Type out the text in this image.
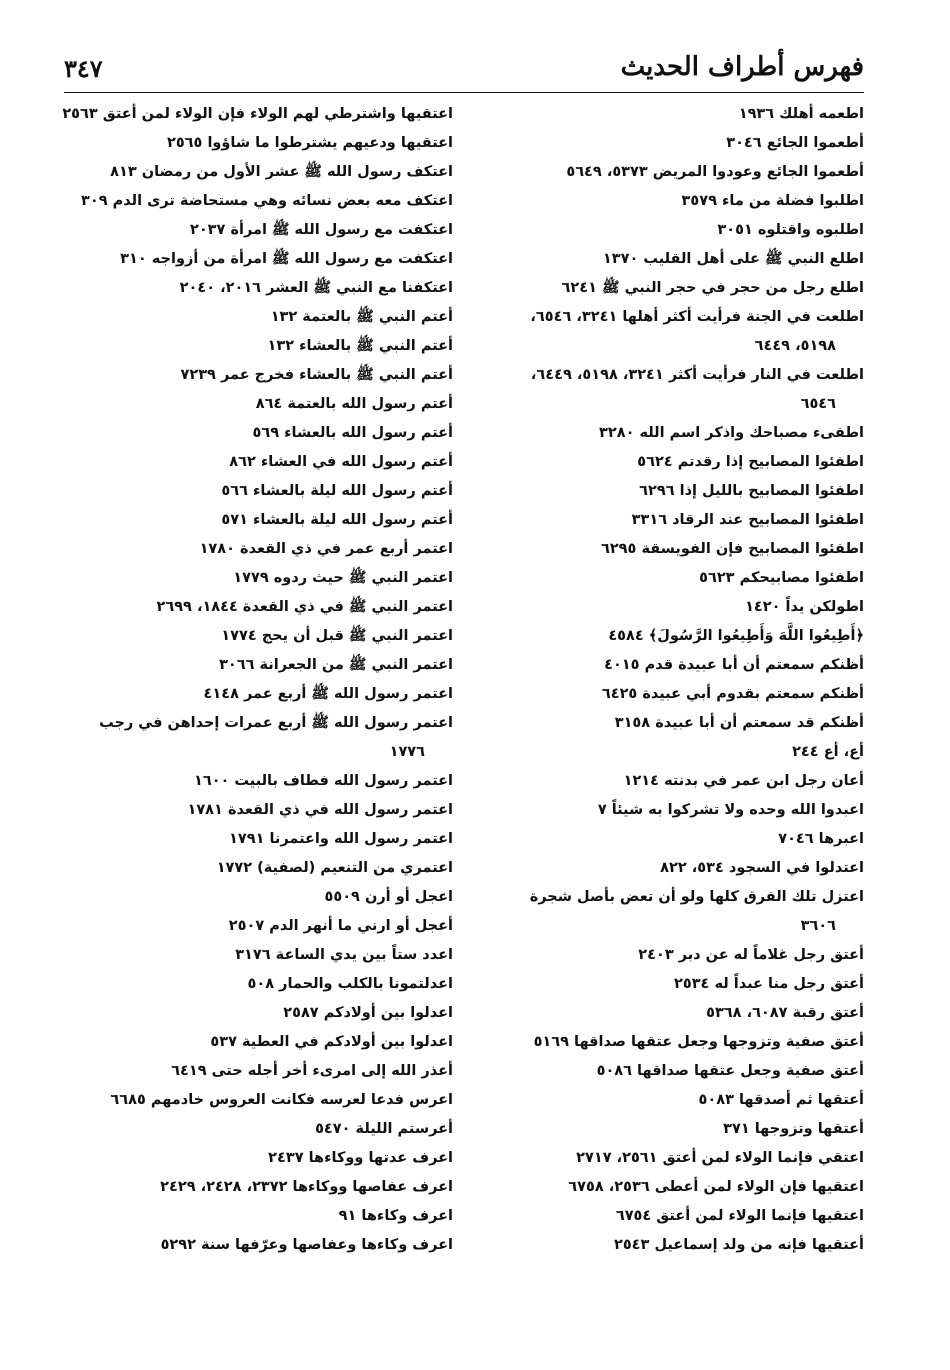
فهرس أطراف الحديث
٣٤٧
اطعمه أهلك ١٩٣٦
أطعموا الجائع ٣٠٤٦
أطعموا الجائع وعودوا المريض ٥٣٧٣، ٥٦٤٩
اطلبوا فضلة من ماء ٣٥٧٩
اطلبوه واقتلوه ٣٠٥١
اطلع النبي ﷺ على أهل القليب ١٣٧٠
اطلع رجل من حجر في حجر النبي ﷺ ٦٢٤١
اطلعت في الجنة فرأيت أكثر أهلها ٣٢٤١، ٦٥٤٦،
٥١٩٨، ٦٤٤٩
اطلعت في النار فرأيت أكثر ٣٢٤١، ٥١٩٨، ٦٤٤٩،
٦٥٤٦
اطفىء مصباحك واذكر اسم الله ٣٢٨٠
اطفئوا المصابيح إذا رقدتم ٥٦٢٤
اطفئوا المصابيح بالليل إذا ٦٢٩٦
اطفئوا المصابيح عند الرقاد ٣٣١٦
اطفئوا المصابيح فإن الفويسقة ٦٢٩٥
اطفئوا مصابيحكم ٥٦٢٣
اطولكن يداً ١٤٢٠
﴿أَطِيعُوا اللَّهَ وَأَطِيعُوا الرَّسُولَ﴾ ٤٥٨٤
أظنكم سمعتم أن أبا عبيدة قدم ٤٠١٥
أظنكم سمعتم بقدوم أبي عبيدة ٦٤٢٥
أظنكم قد سمعتم أن أبا عبيدة ٣١٥٨
أع، أع ٢٤٤
أعان رجل ابن عمر في بدنته ١٢١٤
اعبدوا الله وحده ولا تشركوا به شيئاً ٧
اعبرها ٧٠٤٦
اعتدلوا في السجود ٥٣٤، ٨٢٢
اعتزل تلك الفرق كلها ولو أن تعض بأصل شجرة
٣٦٠٦
أعتق رجل غلاماً له عن دبر ٢٤٠٣
أعتق رجل منا عبداً له ٢٥٣٤
أعتق رقبة ٦٠٨٧، ٥٣٦٨
أعتق صفية وتزوجها وجعل عتقها صداقها ٥١٦٩
أعتق صفية وجعل عتقها صداقها ٥٠٨٦
أعتقها ثم أصدقها ٥٠٨٣
أعتقها وتزوجها ٣٧١
اعتقي فإنما الولاء لمن أعتق ٢٥٦١، ٢٧١٧
اعتقيها فإن الولاء لمن أعطى ٢٥٣٦، ٦٧٥٨
اعتقيها فإنما الولاء لمن أعتق ٦٧٥٤
أعتقيها فإنه من ولد إسماعيل ٢٥٤٣
اعتقيها واشترطي لهم الولاء فإن الولاء لمن أعتق ٢٥٦٣
اعتقيها ودعيهم يشترطوا ما شاؤوا ٢٥٦٥
اعتكف رسول الله ﷺ عشر الأول من رمضان ٨١٣
اعتكف معه بعض نسائه وهي مستحاضة ترى الدم ٣٠٩
اعتكفت مع رسول الله ﷺ امرأة ٢٠٣٧
اعتكفت مع رسول الله ﷺ امرأة من أزواجه ٣١٠
اعتكفنا مع النبي ﷺ العشر ٢٠١٦، ٢٠٤٠
أعتم النبي ﷺ بالعتمة ١٣٢
أعتم النبي ﷺ بالعشاء ١٣٢
أعتم النبي ﷺ بالعشاء فخرج عمر ٧٢٣٩
أعتم رسول الله بالعتمة ٨٦٤
أعتم رسول الله بالعشاء ٥٦٩
أعتم رسول الله في العشاء ٨٦٢
أعتم رسول الله ليلة بالعشاء ٥٦٦
أعتم رسول الله ليلة بالعشاء ٥٧١
اعتمر أربع عمر في ذي القعدة ١٧٨٠
اعتمر النبي ﷺ حيث ردوه ١٧٧٩
اعتمر النبي ﷺ في ذي القعدة ١٨٤٤، ٢٦٩٩
اعتمر النبي ﷺ قبل أن يحج ١٧٧٤
اعتمر النبي ﷺ من الجعرانة ٣٠٦٦
اعتمر رسول الله ﷺ أربع عمر ٤١٤٨
اعتمر رسول الله ﷺ أربع عمرات إحداهن في رجب
١٧٧٦
اعتمر رسول الله فطاف بالبيت ١٦٠٠
اعتمر رسول الله في ذي القعدة ١٧٨١
اعتمر رسول الله واعتمرنا ١٧٩١
اعتمري من التنعيم (لصفية) ١٧٧٢
اعجل أو أرن ٥٥٠٩
أعجل أو ارني ما أنهر الدم ٢٥٠٧
اعدد ستاً بين يدي الساعة ٣١٧٦
اعدلتمونا بالكلب والحمار ٥٠٨
اعدلوا بين أولادكم ٢٥٨٧
اعدلوا بين أولادكم في العطية ٥٣٧
أعذر الله إلى امرىء أخر أجله حتى ٦٤١٩
اعرس فدعا لعرسه فكانت العروس خادمهم ٦٦٨٥
أعرستم الليلة ٥٤٧٠
اعرف عدتها ووكاءها ٢٤٣٧
اعرف عفاصها ووكاءها ٢٣٧٢، ٢٤٢٨، ٢٤٢٩
اعرف وكاءها ٩١
اعرف وكاءها وعفاصها وعرّفها سنة ٥٢٩٢
